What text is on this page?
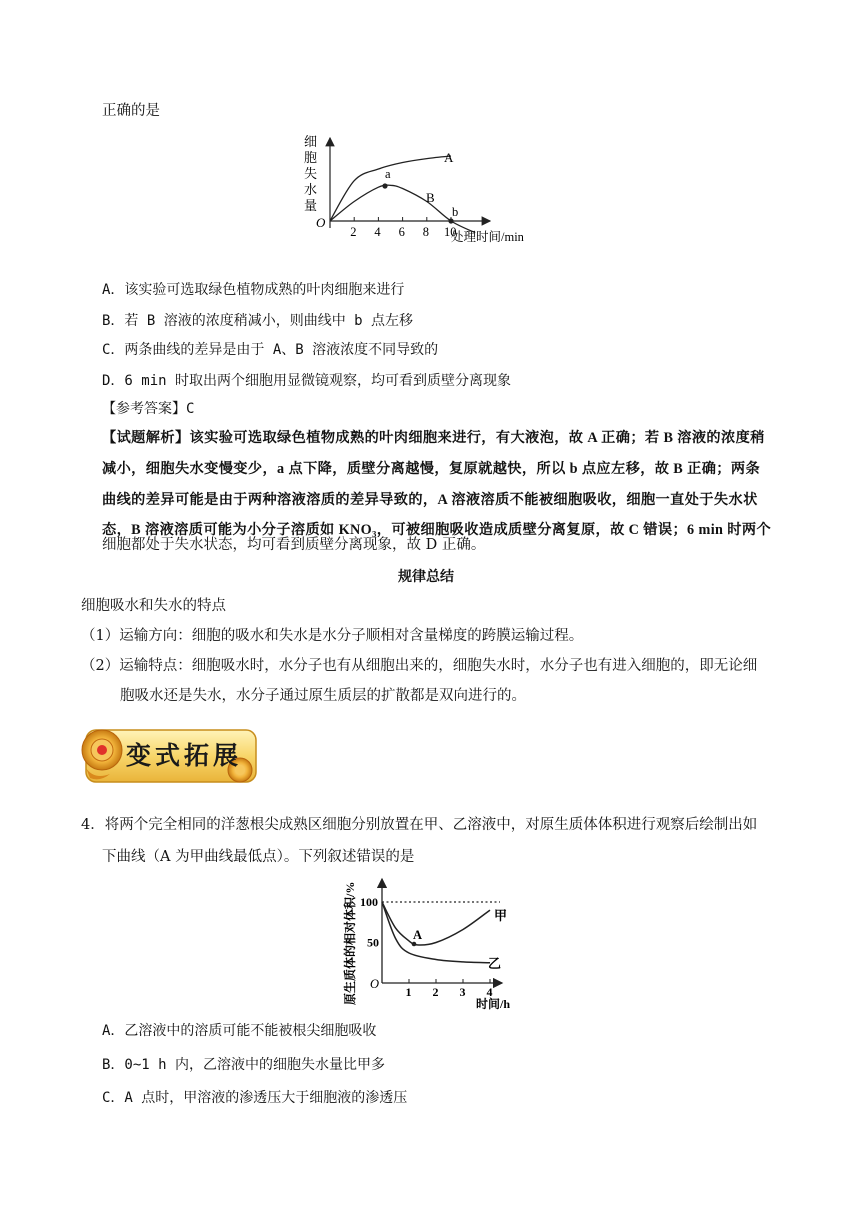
正确的是
细
胞
失
水
量
O
2 4 6 8 10
处理时间/min
A
B
a
b
A．该实验可选取绿色植物成熟的叶肉细胞来进行
B．若 B 溶液的浓度稍减小，则曲线中 b 点左移
C．两条曲线的差异是由于 A、B 溶液浓度不同导致的
D．6 min 时取出两个细胞用显微镜观察，均可看到质壁分离现象
【参考答案】C
【试题解析】该实验可选取绿色植物成熟的叶肉细胞来进行，有大液泡，故 A 正确；若 B 溶液的浓度稍
减小，细胞失水变慢变少，a 点下降，质壁分离越慢，复原就越快，所以 b 点应左移，故 B 正确；两条
曲线的差异可能是由于两种溶液溶质的差异导致的，A 溶液溶质不能被细胞吸收，细胞一直处于失水状
态，B 溶液溶质可能为小分子溶质如 KNO₃，可被细胞吸收造成质壁分离复原，故 C 错误；6 min 时两个
细胞都处于失水状态，均可看到质壁分离现象，故 D 正确。
规律总结
细胞吸水和失水的特点
（1）运输方向：细胞的吸水和失水是水分子顺相对含量梯度的跨膜运输过程。
（2）运输特点：细胞吸水时，水分子也有从细胞出来的，细胞失水时，水分子也有进入细胞的，即无论细
胞吸水还是失水，水分子通过原生质层的扩散都是双向进行的。
变式拓展
4．将两个完全相同的洋葱根尖成熟区细胞分别放置在甲、乙溶液中，对原生质体体积进行观察后绘制出如
下曲线（A 为甲曲线最低点）。下列叙述错误的是
原生质体的相对体积/% O
50
100
1 2 3 4
时间/h
A
甲
乙
A．乙溶液中的溶质可能不能被根尖细胞吸收
B．0~1 h 内，乙溶液中的细胞失水量比甲多
C．A 点时，甲溶液的渗透压大于细胞液的渗透压
